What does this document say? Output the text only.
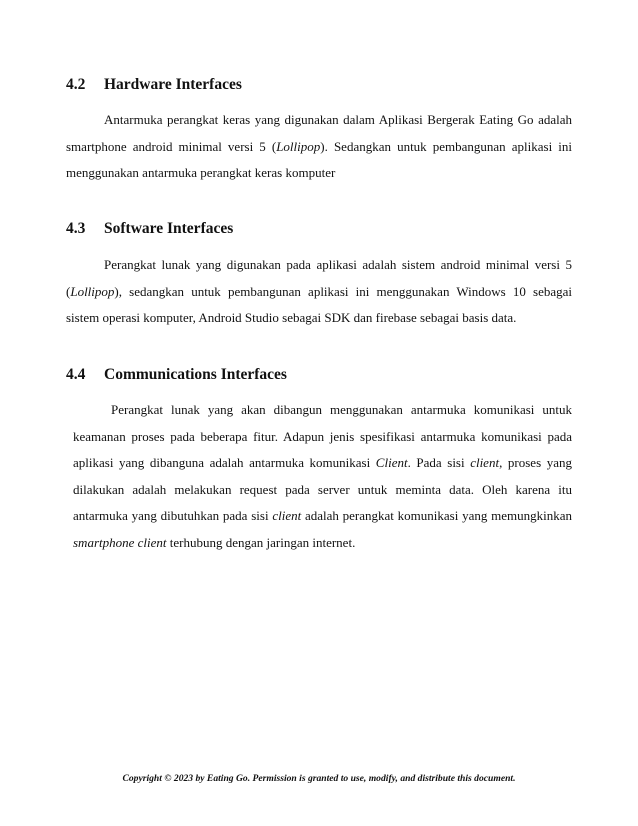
4.2	Hardware Interfaces

Antarmuka perangkat keras yang digunakan dalam Aplikasi Bergerak Eating Go adalah smartphone android minimal versi 5 (Lollipop). Sedangkan untuk pembangunan aplikasi ini menggunakan antarmuka perangkat keras komputer

4.3	Software Interfaces

Perangkat lunak yang digunakan pada aplikasi adalah sistem android minimal versi 5 (Lollipop), sedangkan untuk pembangunan aplikasi ini menggunakan Windows 10 sebagai sistem operasi komputer, Android Studio sebagai SDK dan firebase sebagai basis data.

4.4	Communications Interfaces

Perangkat lunak yang akan dibangun menggunakan antarmuka komunikasi untuk keamanan proses pada beberapa fitur. Adapun jenis spesifikasi antarmuka komunikasi pada aplikasi yang dibanguna adalah antarmuka komunikasi Client. Pada sisi client, proses yang dilakukan adalah melakukan request pada server untuk meminta data. Oleh karena itu antarmuka yang dibutuhkan pada sisi client adalah perangkat komunikasi yang memungkinkan smartphone client terhubung dengan jaringan internet.

Copyright © 2023 by Eating Go. Permission is granted to use, modify, and distribute this document.
